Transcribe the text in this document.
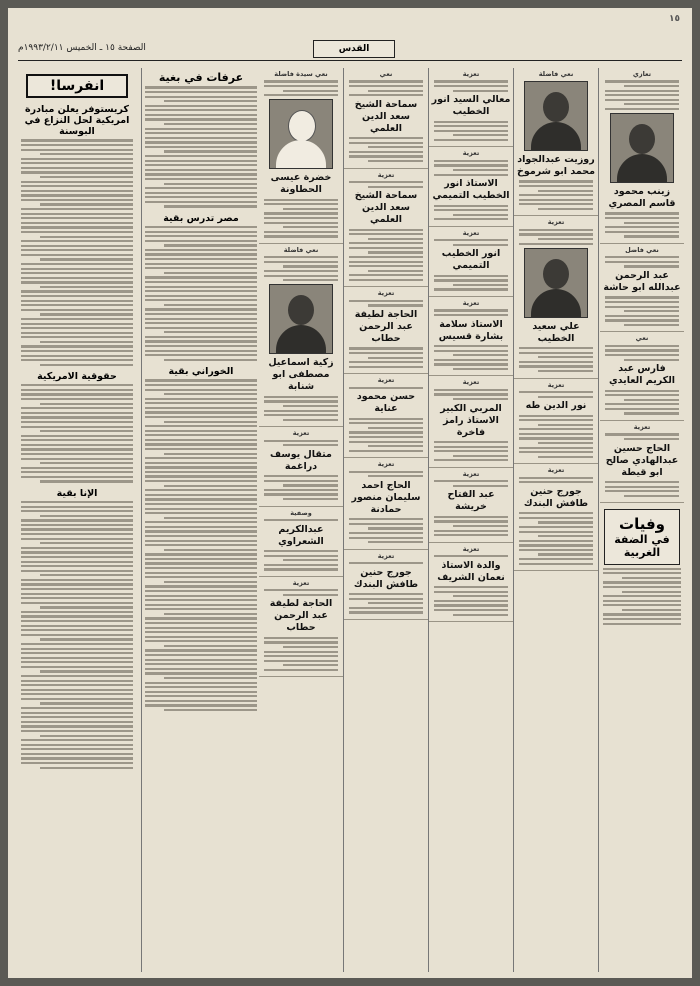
١٥
القدس
الصفحة ١٥ ـ الخميس ١٩٩٣/٢/١١م
تعازي
زينب محمود قاسم المصري
نعي فاضل
عبد الرحمن عبدالله ابو حاشة
نعي
فارس عبد الكريم العايدي
تعزية
الحاج حسين عبدالهادي صالح ابو قيطة
وفيات
في الضفة الغربية
نعي فاضلة
روزيت عبدالجواد محمد ابو شرموخ
تعزية
علي سعيد الخطيب
تعزية
نور الدين طه
تعزية
جورج حنين طافش البندك
تعزية
معالي السيد انور الخطيب
تعزية
الاستاذ انور الخطيب التميمي
تعزية
انور الخطيب التميمي
تعزية
الاستاذ سلامة بشارة قسيس
تعزية
المربي الكبير الاستاذ رامز فاخرة
تعزية
عبد الفتاح خريشة
تعزية
والدة الاستاذ نعمان الشريف
نعي
سماحة الشيخ سعد الدين العلمي
تعزية
سماحة الشيخ سعد الدين العلمي
تعزية
الحاجة لطيفة عبد الرحمن حطاب
تعزية
حسن محمود عناية
تعزية
الحاج احمد سليمان منصور حمادنة
تعزية
جورج حنين طافش البندك
نعي سيدة فاضلة
خضرة عيسى الحطاونة
نعي فاضلة
زكية اسماعيل مصطفى ابو شنابة
تعزية
متقال يوسف دراغمة
وصفية
عبدالكريم الشعراوي
تعزية
الحاجة لطيفة عبد الرحمن حطاب
عرفات في بغية
مصر تدرس بقية
الخوراني بقية
انفرسا!
كريستوفر يعلن مبادرة امريكية لحل النزاع في البوسنة
حقوقية الامريكية
الإنا بقية
